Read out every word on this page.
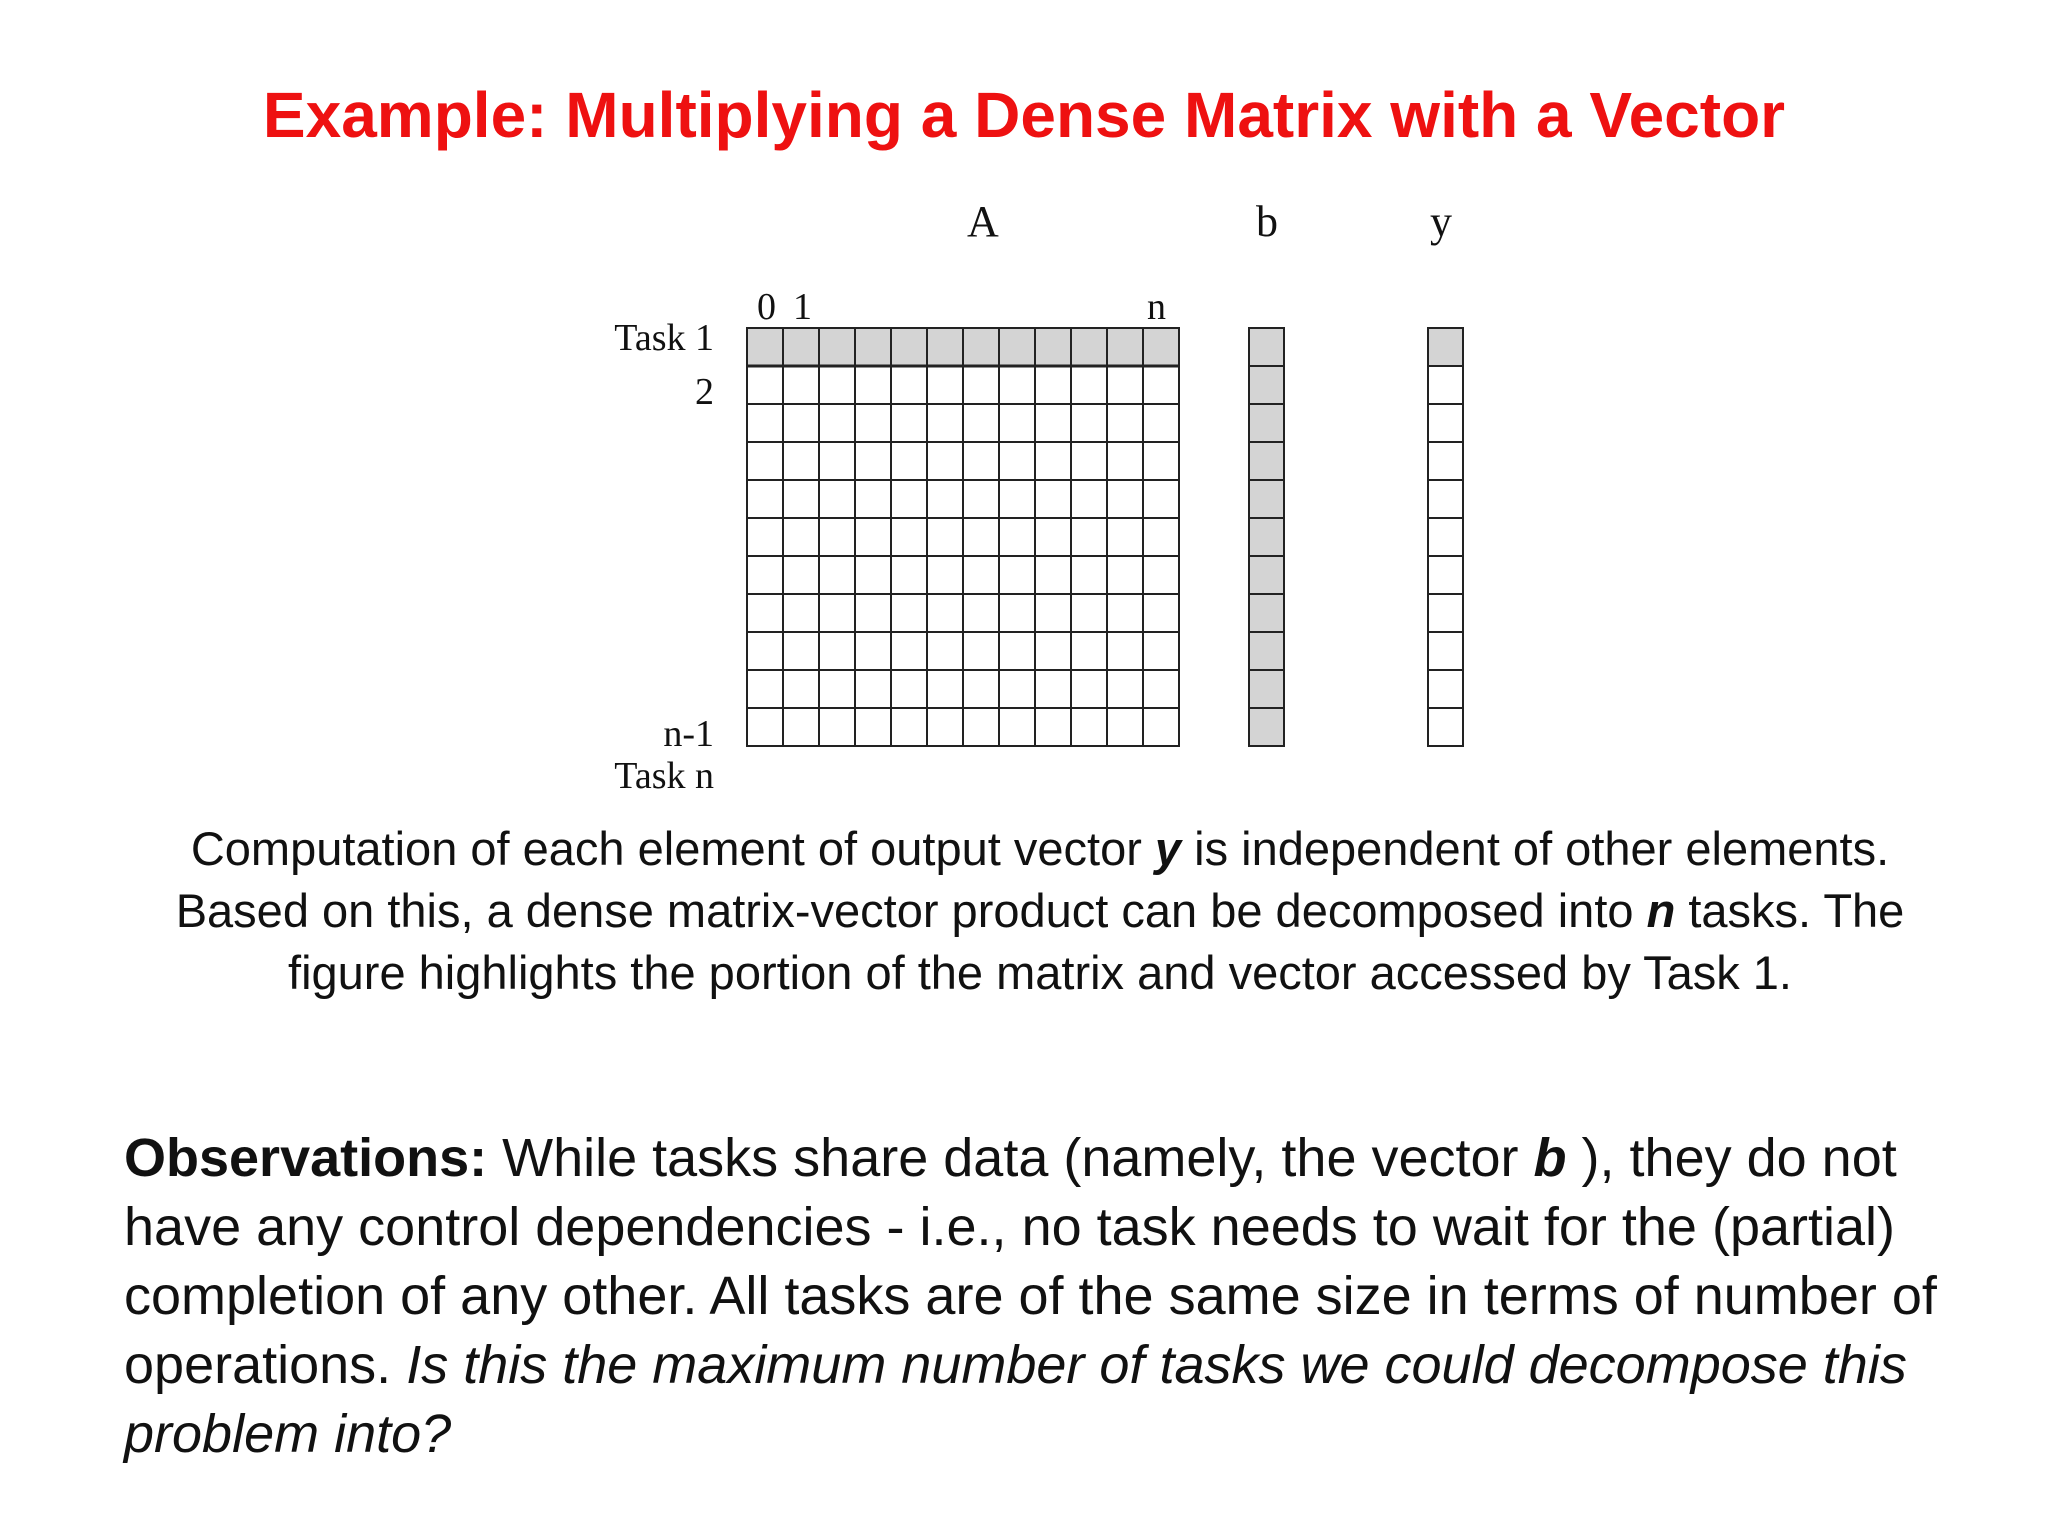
Example: Multiplying a Dense Matrix with a Vector
A	b	y
0 1	n
Task 1
2
n-1
Task n

Computation of each element of output vector y is independent of other elements. Based on this, a dense matrix-vector product can be decomposed into n tasks. The figure highlights the portion of the matrix and vector accessed by Task 1.

Observations: While tasks share data (namely, the vector b ), they do not have any control dependencies - i.e., no task needs to wait for the (partial) completion of any other. All tasks are of the same size in terms of number of operations. Is this the maximum number of tasks we could decompose this problem into?
